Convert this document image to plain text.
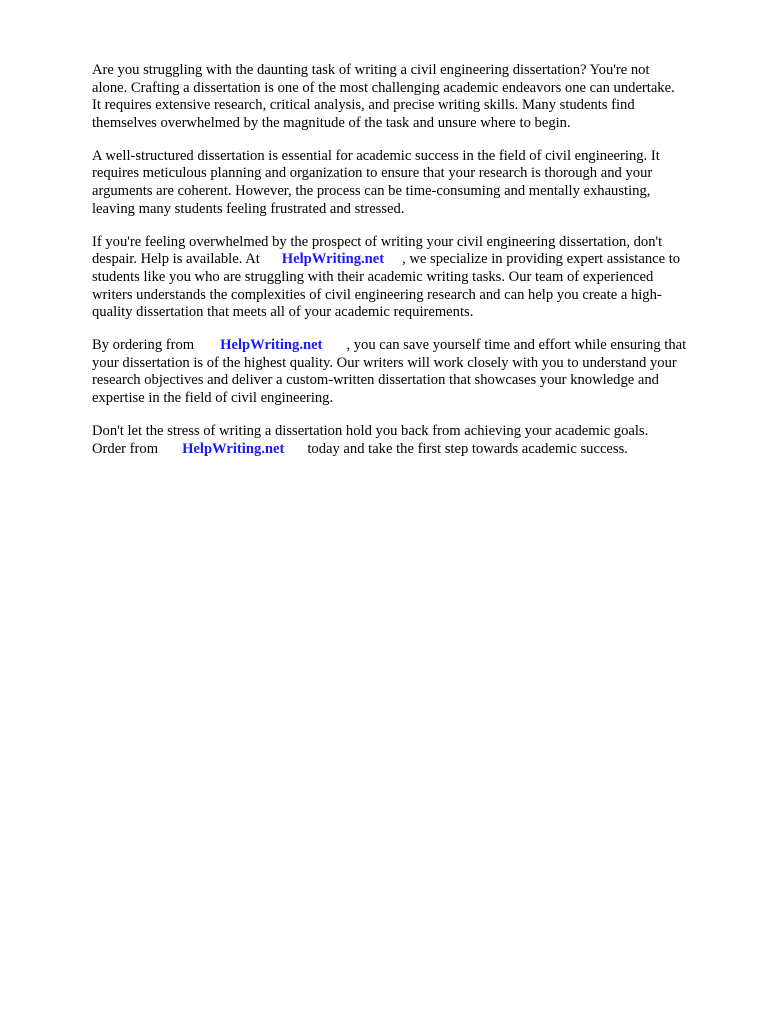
Are you struggling with the daunting task of writing a civil engineering dissertation? You're not
alone. Crafting a dissertation is one of the most challenging academic endeavors one can undertake.
It requires extensive research, critical analysis, and precise writing skills. Many students find
themselves overwhelmed by the magnitude of the task and unsure where to begin.

A well-structured dissertation is essential for academic success in the field of civil engineering. It
requires meticulous planning and organization to ensure that your research is thorough and your
arguments are coherent. However, the process can be time-consuming and mentally exhausting,
leaving many students feeling frustrated and stressed.

If you're feeling overwhelmed by the prospect of writing your civil engineering dissertation, don't
despair. Help is available. At HelpWriting.net , we specialize in providing expert assistance to
students like you who are struggling with their academic writing tasks. Our team of experienced
writers understands the complexities of civil engineering research and can help you create a high-
quality dissertation that meets all of your academic requirements.

By ordering from HelpWriting.net , you can save yourself time and effort while ensuring that
your dissertation is of the highest quality. Our writers will work closely with you to understand your
research objectives and deliver a custom-written dissertation that showcases your knowledge and
expertise in the field of civil engineering.

Don't let the stress of writing a dissertation hold you back from achieving your academic goals.
Order from HelpWriting.net today and take the first step towards academic success.
